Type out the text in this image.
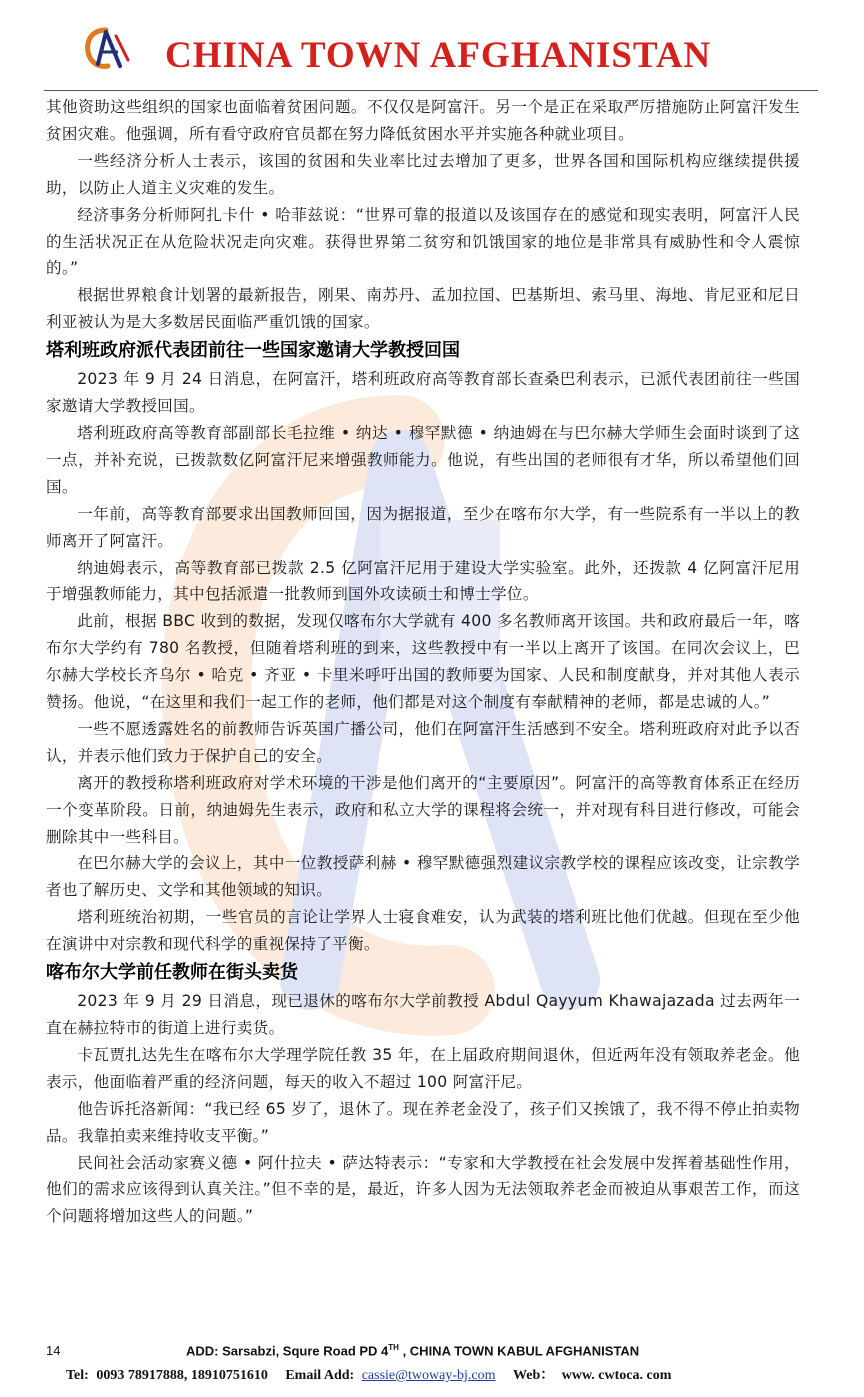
CHINA TOWN AFGHANISTAN

其他资助这些组织的国家也面临着贫困问题。不仅仅是阿富汗。另一个是正在采取严厉措施防止阿富汗发生贫困灾难。他强调，所有看守政府官员都在努力降低贫困水平并实施各种就业项目。

一些经济分析人士表示，该国的贫困和失业率比过去增加了更多，世界各国和国际机构应继续提供援助，以防止人道主义灾难的发生。

经济事务分析师阿扎卡什 • 哈菲兹说：“世界可靠的报道以及该国存在的感觉和现实表明，阿富汗人民的生活状况正在从危险状况走向灾难。获得世界第二贫穷和饥饿国家的地位是非常具有威胁性和令人震惊的。”

根据世界粮食计划署的最新报告，刚果、南苏丹、孟加拉国、巴基斯坦、索马里、海地、肯尼亚和尼日利亚被认为是大多数居民面临严重饥饿的国家。

塔利班政府派代表团前往一些国家邀请大学教授回国

2023 年 9 月 24 日消息，在阿富汗，塔利班政府高等教育部长查桑巴利表示，已派代表团前往一些国家邀请大学教授回国。

塔利班政府高等教育部副部长毛拉维 • 纳达 • 穆罕默德 • 纳迪姆在与巴尔赫大学师生会面时谈到了这一点，并补充说，已拨款数亿阿富汗尼来增强教师能力。他说，有些出国的老师很有才华，所以希望他们回国。

一年前，高等教育部要求出国教师回国，因为据报道，至少在喀布尔大学，有一些院系有一半以上的教师离开了阿富汗。

纳迪姆表示，高等教育部已拨款 2.5 亿阿富汗尼用于建设大学实验室。此外，还拨款 4 亿阿富汗尼用于增强教师能力，其中包括派遣一批教师到国外攻读硕士和博士学位。

此前，根据 BBC 收到的数据，发现仅喀布尔大学就有 400 多名教师离开该国。共和政府最后一年，喀布尔大学约有 780 名教授，但随着塔利班的到来，这些教授中有一半以上离开了该国。在同次会议上，巴尔赫大学校长齐乌尔 • 哈克 • 齐亚 • 卡里米呼吁出国的教师要为国家、人民和制度献身，并对其他人表示赞扬。他说，“在这里和我们一起工作的老师，他们都是对这个制度有奉献精神的老师，都是忠诚的人。”

一些不愿透露姓名的前教师告诉英国广播公司，他们在阿富汗生活感到不安全。塔利班政府对此予以否认，并表示他们致力于保护自己的安全。

离开的教授称塔利班政府对学术环境的干涉是他们离开的“主要原因”。阿富汗的高等教育体系正在经历一个变革阶段。日前，纳迪姆先生表示，政府和私立大学的课程将会统一，并对现有科目进行修改，可能会删除其中一些科目。

在巴尔赫大学的会议上，其中一位教授萨利赫 • 穆罕默德强烈建议宗教学校的课程应该改变，让宗教学者也了解历史、文学和其他领域的知识。

塔利班统治初期，一些官员的言论让学界人士寝食难安，认为武装的塔利班比他们优越。但现在至少他在演讲中对宗教和现代科学的重视保持了平衡。

喀布尔大学前任教师在街头卖货

2023 年 9 月 29 日消息，现已退休的喀布尔大学前教授 Abdul Qayyum Khawajazada 过去两年一直在赫拉特市的街道上进行卖货。

卡瓦贾扎达先生在喀布尔大学理学院任教 35 年，在上届政府期间退休，但近两年没有领取养老金。他表示，他面临着严重的经济问题，每天的收入不超过 100 阿富汗尼。

他告诉托洛新闻：“我已经 65 岁了，退休了。现在养老金没了，孩子们又挨饿了，我不得不停止拍卖物品。我靠拍卖来维持收支平衡。”

民间社会活动家赛义德 • 阿什拉夫 • 萨达特表示：“专家和大学教授在社会发展中发挥着基础性作用，他们的需求应该得到认真关注。”但不幸的是，最近，许多人因为无法领取养老金而被迫从事艰苦工作，而这个问题将增加这些人的问题。”

14	ADD: Sarsabzi, Squre Road PD 4TH , CHINA TOWN KABUL AFGHANISTAN
Tel: 0093 78917888, 18910751610 Email Add: cassie@twoway-bj.com Web： www. cwtoca. com
